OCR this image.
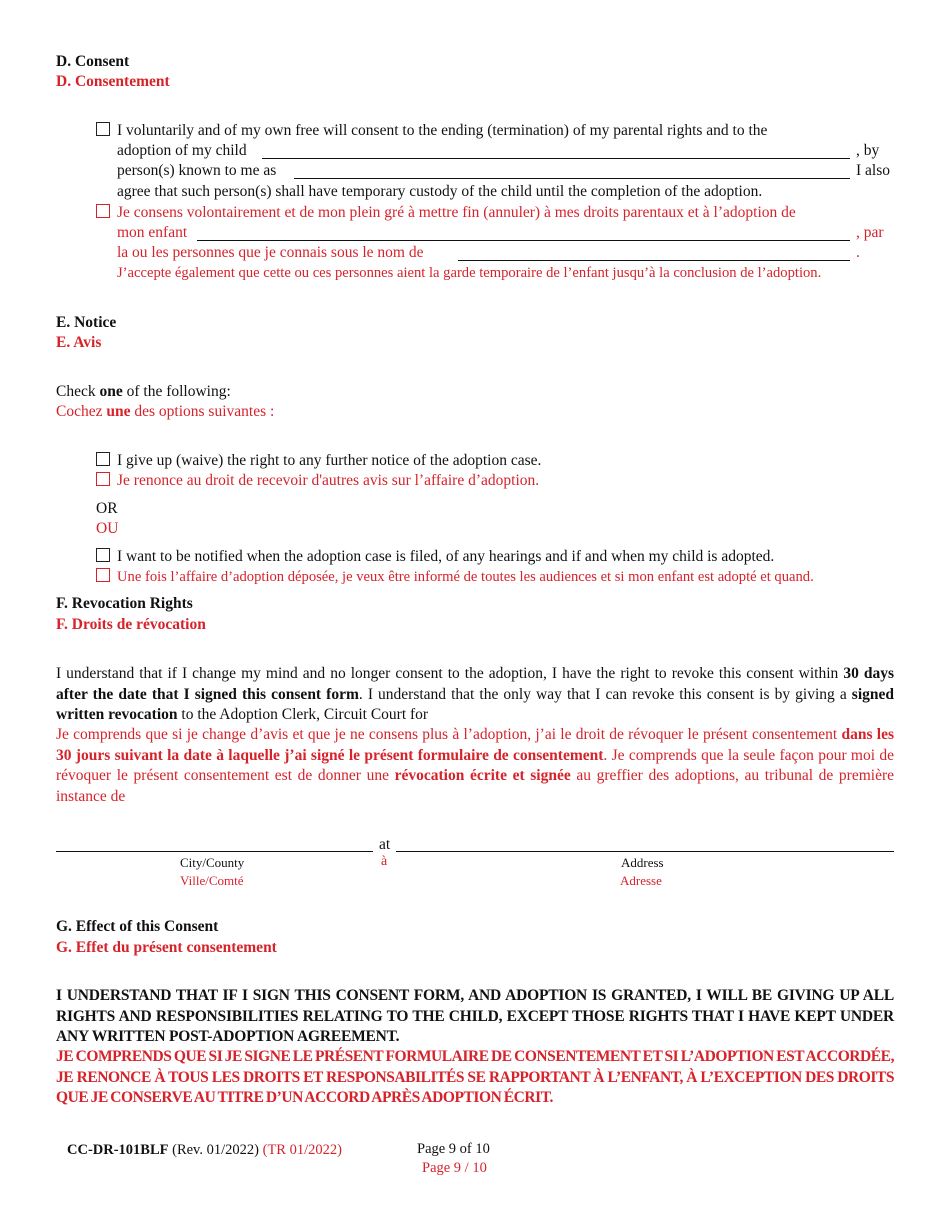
D. Consent
D. Consentement
I voluntarily and of my own free will consent to the ending (termination) of my parental rights and to the
adoption of my child	, by
person(s) known to me as	I also
agree that such person(s) shall have temporary custody of the child until the completion of the adoption.
Je consens volontairement et de mon plein gré à mettre fin (annuler) à mes droits parentaux et à l’adoption de
mon enfant	, par
la ou les personnes que je connais sous le nom de	.
J’accepte également que cette ou ces personnes aient la garde temporaire de l’enfant jusqu’à la conclusion de l’adoption.
E. Notice
E. Avis
Check one of the following:
Cochez une des options suivantes :
I give up (waive) the right to any further notice of the adoption case.
Je renonce au droit de recevoir d'autres avis sur l’affaire d’adoption.
OR
OU
I want to be notified when the adoption case is filed, of any hearings and if and when my child is adopted.
Une fois l’affaire d’adoption déposée, je veux être informé de toutes les audiences et si mon enfant est adopté et quand.
F. Revocation Rights
F. Droits de révocation
I understand that if I change my mind and no longer consent to the adoption, I have the right to revoke this consent within 30 days after the date that I signed this consent form. I understand that the only way that I can revoke this consent is by giving a signed written revocation to the Adoption Clerk, Circuit Court for
Je comprends que si je change d’avis et que je ne consens plus à l’adoption, j’ai le droit de révoquer le présent consentement dans les 30 jours suivant la date à laquelle j’ai signé le présent formulaire de consentement. Je comprends que la seule façon pour moi de révoquer le présent consentement est de donner une révocation écrite et signée au greffier des adoptions, au tribunal de première instance de
at
à
City/County
Ville/Comté
Address
Adresse
G. Effect of this Consent
G. Effet du présent consentement
I UNDERSTAND THAT IF I SIGN THIS CONSENT FORM, AND ADOPTION IS GRANTED, I WILL BE GIVING UP ALL RIGHTS AND RESPONSIBILITIES RELATING TO THE CHILD, EXCEPT THOSE RIGHTS THAT I HAVE KEPT UNDER ANY WRITTEN POST-ADOPTION AGREEMENT.
JE COMPRENDS QUE SI JE SIGNE LE PRÉSENT FORMULAIRE DE CONSENTEMENT ET SI L’ADOPTION EST ACCORDÉE, JE RENONCE À TOUS LES DROITS ET RESPONSABILITÉS SE RAPPORTANT À L’ENFANT, À L’EXCEPTION DES DROITS QUE JE CONSERVE AU TITRE D’UN ACCORD APRÈS ADOPTION ÉCRIT.
CC-DR-101BLF (Rev. 01/2022) (TR 01/2022)	Page 9 of 10
Page 9 / 10
